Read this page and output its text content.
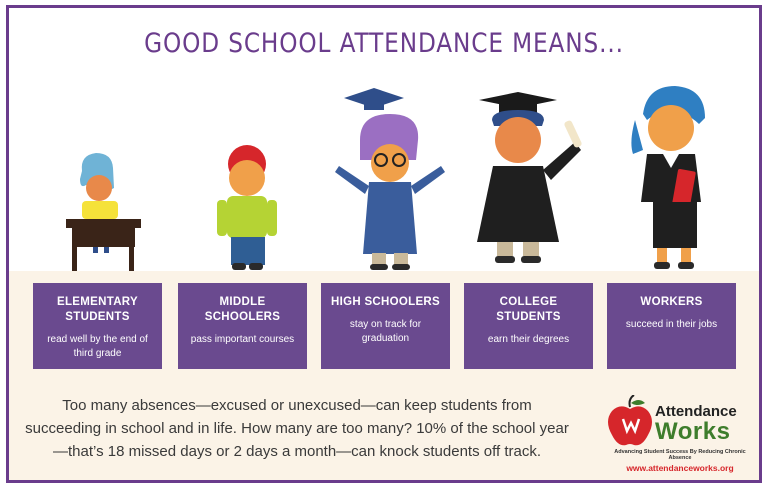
GOOD SCHOOL ATTENDANCE MEANS...
ELEMENTARY STUDENTS
read well by the end of third grade
MIDDLE SCHOOLERS
pass important courses
HIGH SCHOOLERS
stay on track for graduation
COLLEGE STUDENTS
earn their degrees
WORKERS
succeed in their jobs
Too many absences—excused or unexcused—can keep students from succeeding in school and in life. How many are too many? 10% of the school year—that’s 18 missed days or 2 days a month—can knock students off track.
Attendance
Works
Advancing Student Success By Reducing Chronic Absence
www.attendanceworks.org
